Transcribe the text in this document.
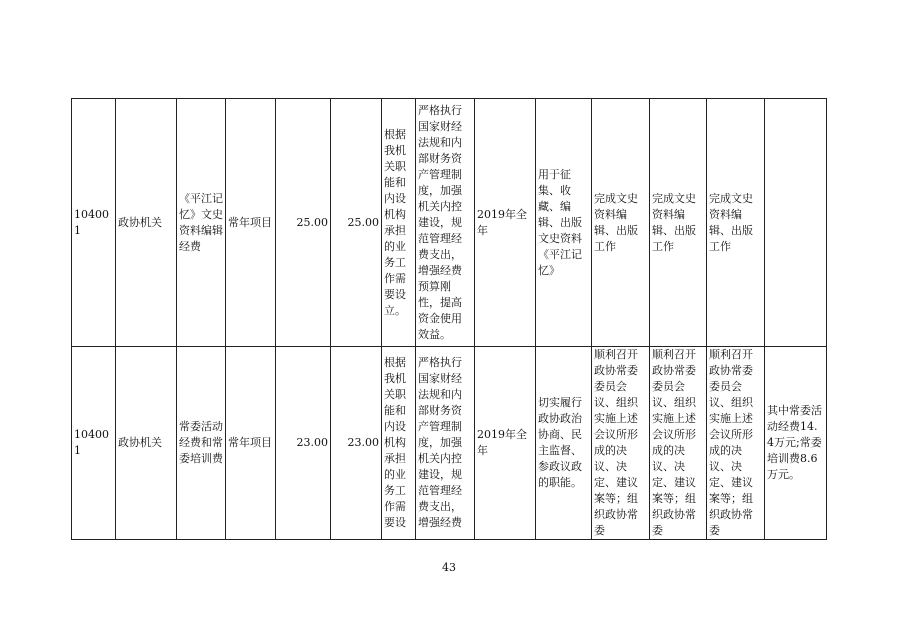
104001	政协机关	《平江记忆》文史资料编辑经费	常年项目	25.00	25.00	根据我机关职能和内设机构承担的业务工作需要设立。	严格执行国家财经法规和内部财务资产管理制度，加强机关内控建设，规范管理经费支出，增强经费预算刚性，提高资金使用效益。	2019年全年	用于征集、收藏、编辑、出版文史资料《平江记忆》	完成文史资料编辑、出版工作	完成文史资料编辑、出版工作	完成文史资料编辑、出版工作	
104001	政协机关	常委活动经费和常委培训费	常年项目	23.00	23.00	根据我机关职能和内设机构承担的业务工作需要设	严格执行国家财经法规和内部财务资产管理制度，加强机关内控建设，规范管理经费支出，增强经费	2019年全年	切实履行政协政治协商、民主监督、参政议政的职能。	顺利召开政协常委委员会议、组织实施上述会议所形成的决议、决定、建议案等；组织政协常委	顺利召开政协常委委员会议、组织实施上述会议所形成的决议、决定、建议案等；组织政协常委	顺利召开政协常委委员会议、组织实施上述会议所形成的决议、决定、建议案等；组织政协常委	其中常委活动经费14.4万元;常委培训费8.6万元。
43
